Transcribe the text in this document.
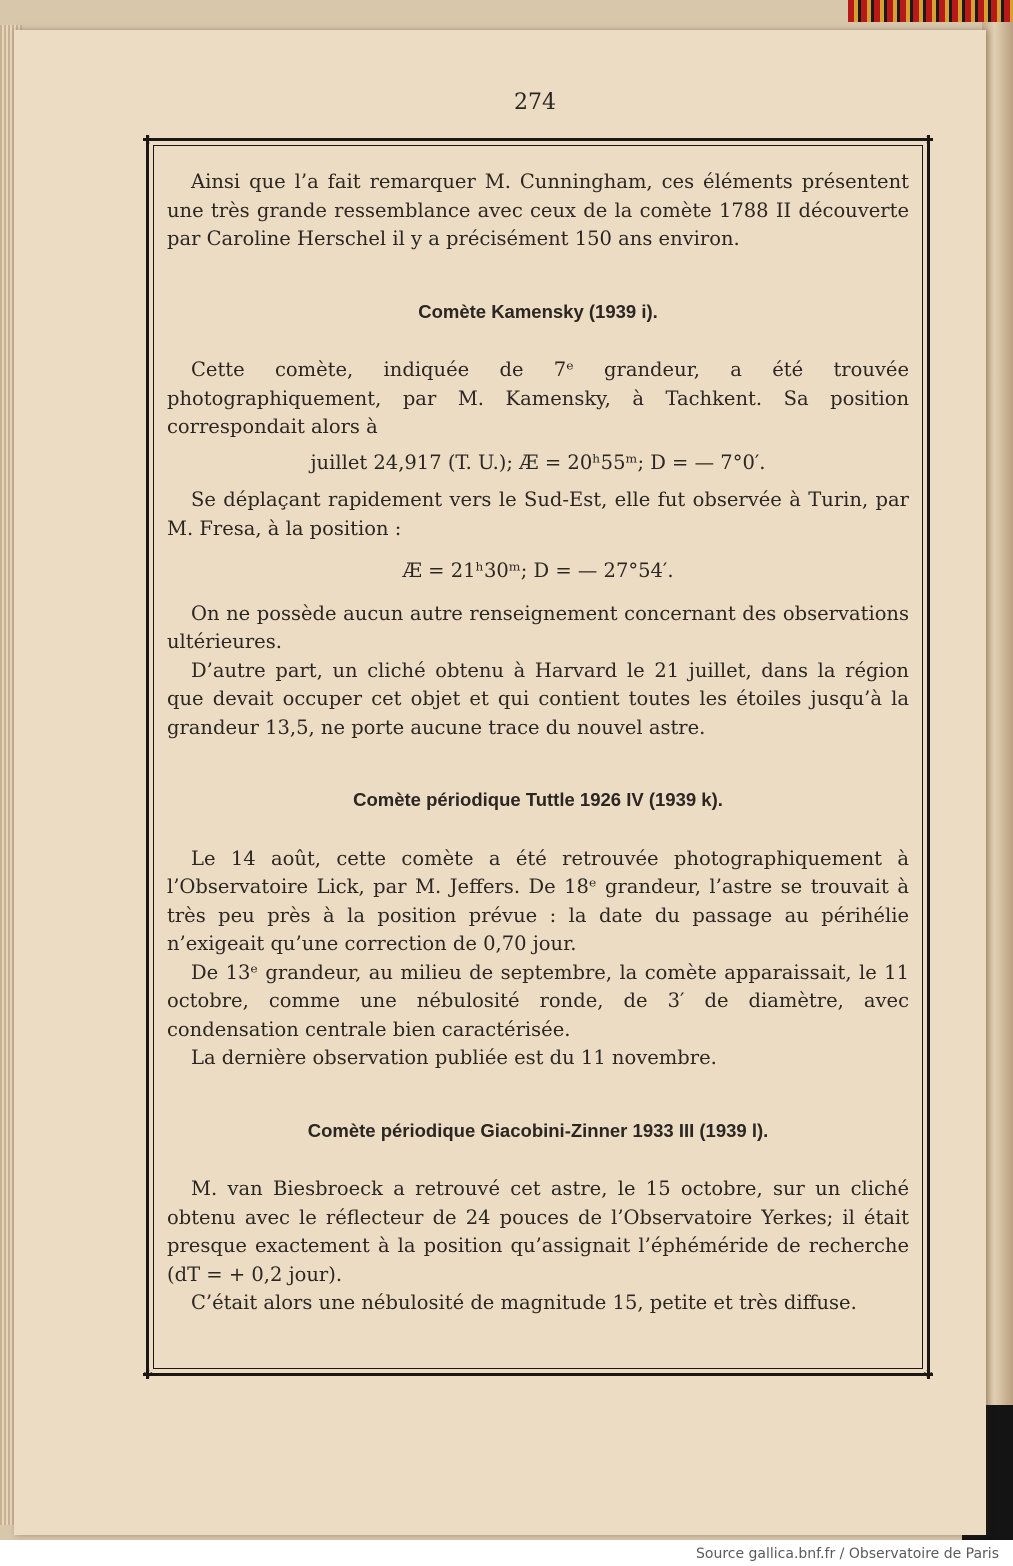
274
✣	✣
✣	✣

Ainsi que l’a fait remarquer M. Cunningham, ces éléments présentent une très grande ressemblance avec ceux de la comète 1788 II découverte par Caroline Herschel il y a précisément 150 ans environ.

Comète Kamensky (1939 i).

Cette comète, indiquée de 7ᵉ grandeur, a été trouvée photographiquement, par M. Kamensky, à Tachkent. Sa position correspondait alors à

juillet 24,917 (T. U.); Æ = 20ʰ55ᵐ; D = — 7°0′.

Se déplaçant rapidement vers le Sud-Est, elle fut observée à Turin, par M. Fresa, à la position :

Æ = 21ʰ30ᵐ; D = — 27°54′.

On ne possède aucun autre renseignement concernant des observations ultérieures.

D’autre part, un cliché obtenu à Harvard le 21 juillet, dans la région que devait occuper cet objet et qui contient toutes les étoiles jusqu’à la grandeur 13,5, ne porte aucune trace du nouvel astre.

Comète périodique Tuttle 1926 IV (1939 k).

Le 14 août, cette comète a été retrouvée photographiquement à l’Observatoire Lick, par M. Jeffers. De 18ᵉ grandeur, l’astre se trouvait à très peu près à la position prévue : la date du passage au périhélie n’exigeait qu’une correction de 0,70 jour.

De 13ᵉ grandeur, au milieu de septembre, la comète apparaissait, le 11 octobre, comme une nébulosité ronde, de 3′ de diamètre, avec condensation centrale bien caractérisée.

La dernière observation publiée est du 11 novembre.

Comète périodique Giacobini-Zinner 1933 III (1939 l).

M. van Biesbroeck a retrouvé cet astre, le 15 octobre, sur un cliché obtenu avec le réflecteur de 24 pouces de l’Observatoire Yerkes; il était presque exactement à la position qu’assignait l’éphéméride de recherche (dT = + 0,2 jour).

C’était alors une nébulosité de magnitude 15, petite et très diffuse.

Source gallica.bnf.fr / Observatoire de Paris
